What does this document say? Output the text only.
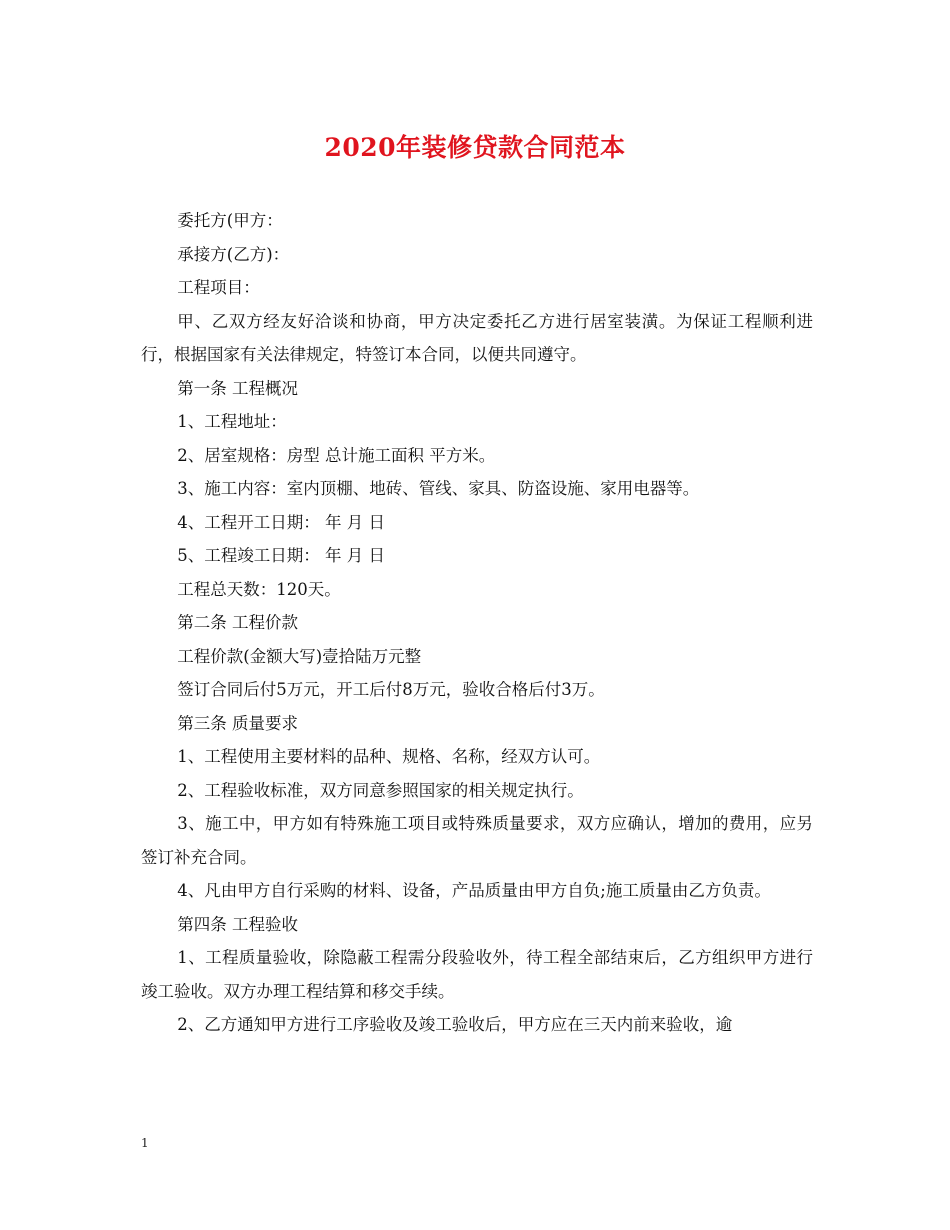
2020年装修贷款合同范本

委托方(甲方：

承接方(乙方)：

工程项目：

甲、乙双方经友好洽谈和协商，甲方决定委托乙方进行居室装潢。为保证工程顺利进行，根据国家有关法律规定，特签订本合同，以便共同遵守。

第一条 工程概况

1、工程地址：

2、居室规格：房型 总计施工面积 平方米。

3、施工内容：室内顶棚、地砖、管线、家具、防盗设施、家用电器等。

4、工程开工日期： 年 月 日

5、工程竣工日期： 年 月 日

工程总天数：120天。

第二条 工程价款

工程价款(金额大写)壹拾陆万元整

签订合同后付5万元，开工后付8万元，验收合格后付3万。

第三条 质量要求

1、工程使用主要材料的品种、规格、名称，经双方认可。

2、工程验收标准，双方同意参照国家的相关规定执行。

3、施工中，甲方如有特殊施工项目或特殊质量要求，双方应确认，增加的费用，应另签订补充合同。

4、凡由甲方自行采购的材料、设备，产品质量由甲方自负;施工质量由乙方负责。

第四条 工程验收

1、工程质量验收，除隐蔽工程需分段验收外，待工程全部结束后，乙方组织甲方进行竣工验收。双方办理工程结算和移交手续。

2、乙方通知甲方进行工序验收及竣工验收后，甲方应在三天内前来验收，逾

1
